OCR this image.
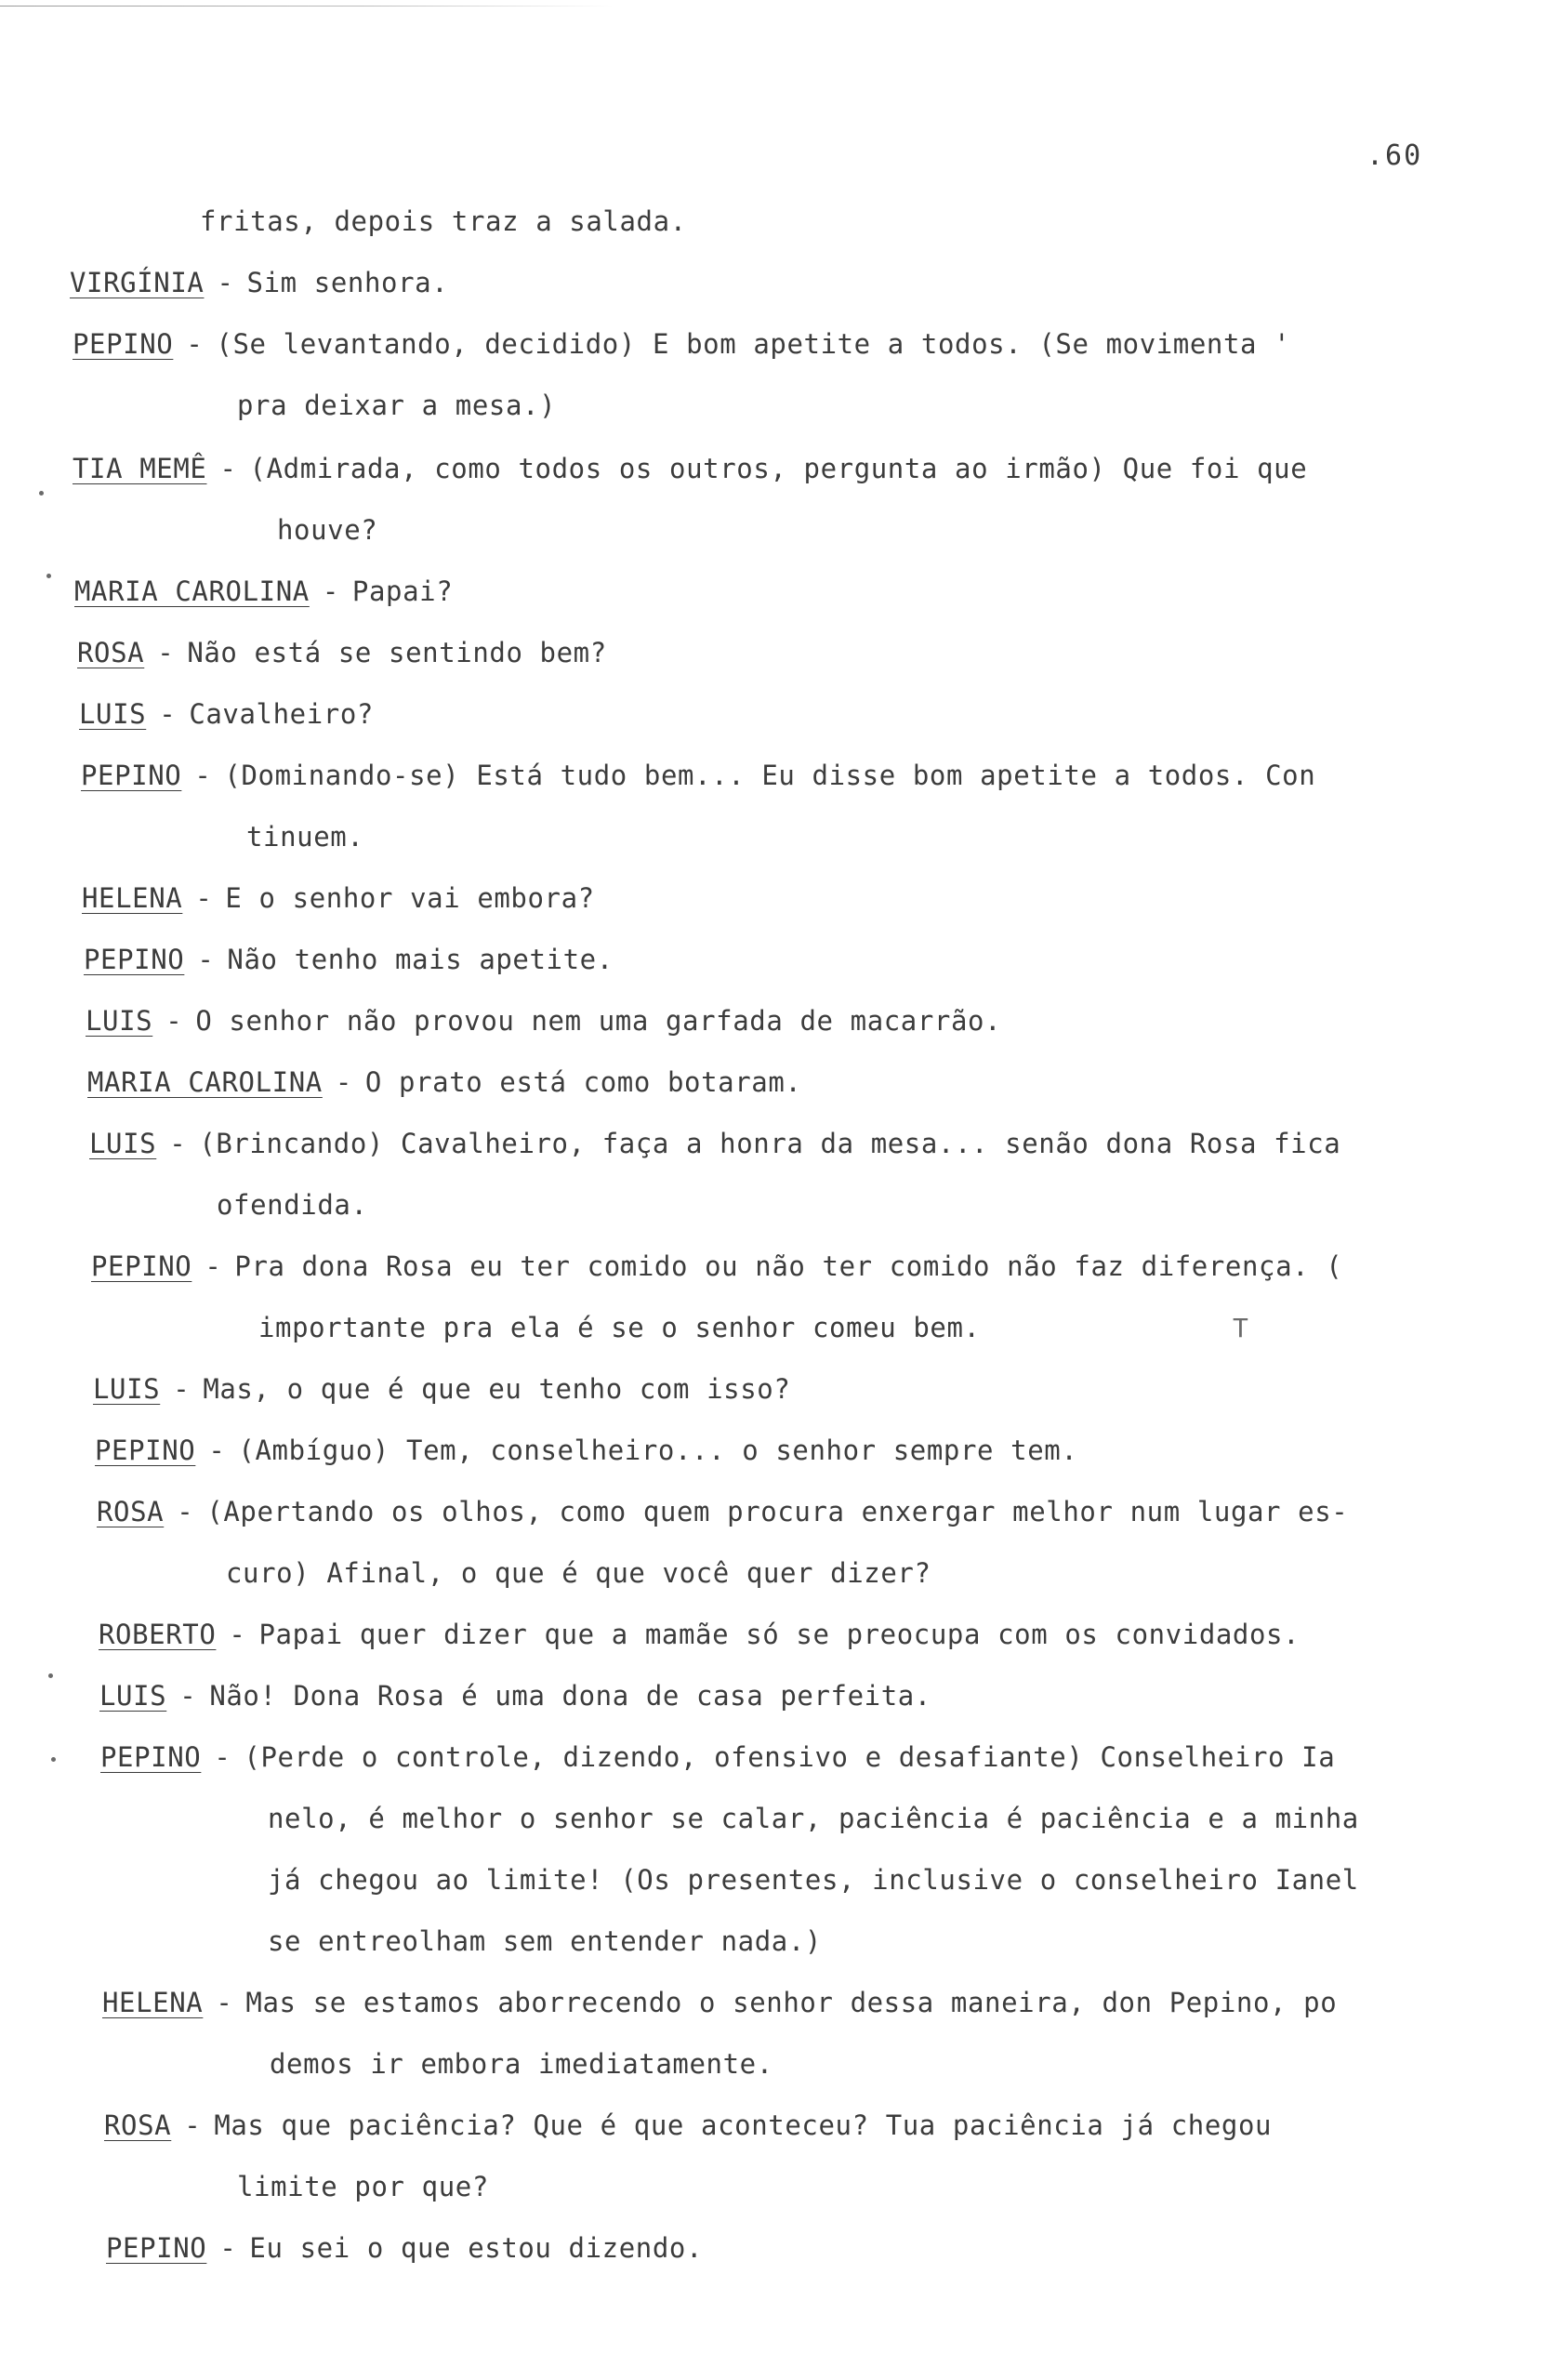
.60
fritas, depois traz a salada.
VIRGÍNIA - Sim senhora.
PEPINO - (Se levantando, decidido) E bom apetite a todos. (Se movimenta '
pra deixar a mesa.)
TIA MEMÊ - (Admirada, como todos os outros, pergunta ao irmão) Que foi que
houve?
MARIA CAROLINA - Papai?
ROSA - Não está se sentindo bem?
LUIS - Cavalheiro?
PEPINO - (Dominando-se) Está tudo bem... Eu disse bom apetite a todos. Con
tinuem.
HELENA - E o senhor vai embora?
PEPINO - Não tenho mais apetite.
LUIS - O senhor não provou nem uma garfada de macarrão.
MARIA CAROLINA - O prato está como botaram.
LUIS - (Brincando) Cavalheiro, faça a honra da mesa... senão dona Rosa fica
ofendida.
PEPINO - Pra dona Rosa eu ter comido ou não ter comido não faz diferença. (
importante pra ela é se o senhor comeu bem.
LUIS - Mas, o que é que eu tenho com isso?
PEPINO - (Ambíguo) Tem, conselheiro... o senhor sempre tem.
ROSA - (Apertando os olhos, como quem procura enxergar melhor num lugar es-
curo) Afinal, o que é que você quer dizer?
ROBERTO - Papai quer dizer que a mamãe só se preocupa com os convidados.
LUIS - Não! Dona Rosa é uma dona de casa perfeita.
PEPINO - (Perde o controle, dizendo, ofensivo e desafiante) Conselheiro Ia
nelo, é melhor o senhor se calar, paciência é paciência e a minha
já chegou ao limite! (Os presentes, inclusive o conselheiro Ianel
se entreolham sem entender nada.)
HELENA - Mas se estamos aborrecendo o senhor dessa maneira, don Pepino, po
demos ir embora imediatamente.
ROSA - Mas que paciência? Que é que aconteceu? Tua paciência já chegou
limite por que?
PEPINO - Eu sei o que estou dizendo.
T
